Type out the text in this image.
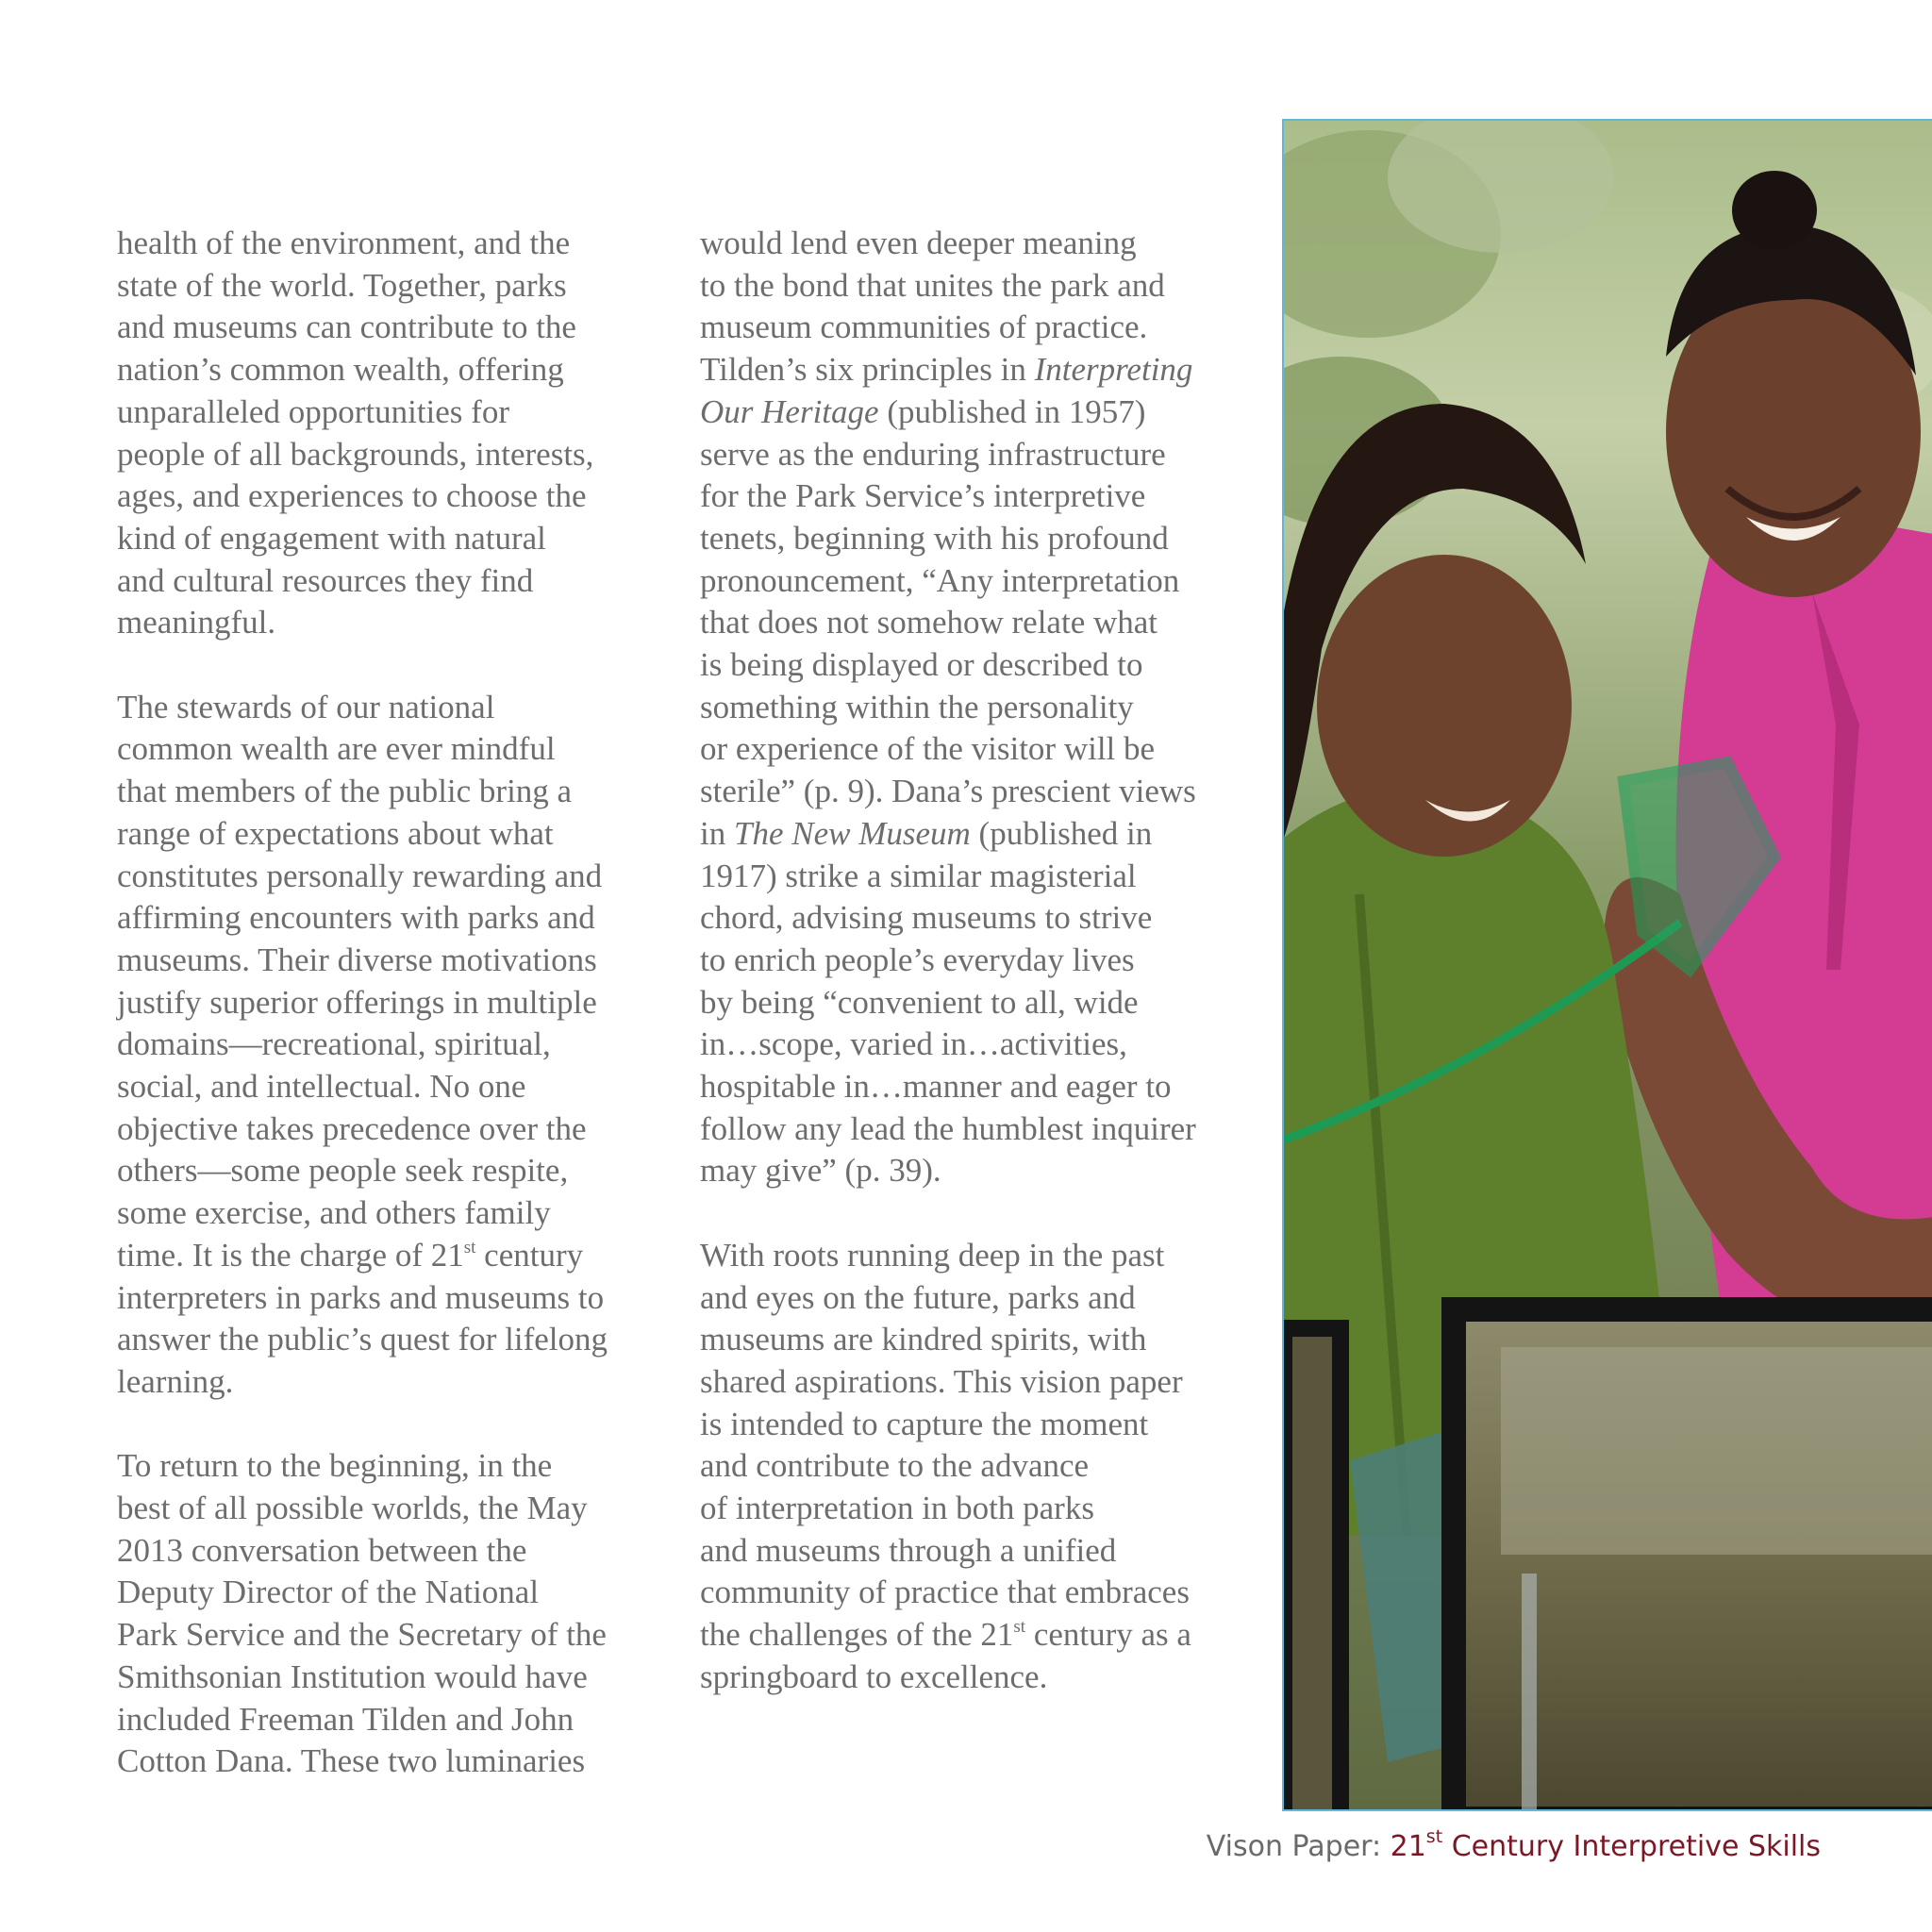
health of the environment, and the
state of the world. Together, parks
and museums can contribute to the
nation’s common wealth, offering
unparalleled opportunities for
people of all backgrounds, interests,
ages, and experiences to choose the
kind of engagement with natural
and cultural resources they find
meaningful.

The stewards of our national
common wealth are ever mindful
that members of the public bring a
range of expectations about what
constitutes personally rewarding and
affirming encounters with parks and
museums. Their diverse motivations
justify superior offerings in multiple
domains—recreational, spiritual,
social, and intellectual. No one
objective takes precedence over the
others—some people seek respite,
some exercise, and others family
time. It is the charge of 21st century
interpreters in parks and museums to
answer the public’s quest for lifelong
learning.

To return to the beginning, in the
best of all possible worlds, the May
2013 conversation between the
Deputy Director of the National
Park Service and the Secretary of the
Smithsonian Institution would have
included Freeman Tilden and John
Cotton Dana. These two luminaries

would lend even deeper meaning
to the bond that unites the park and
museum communities of practice.
Tilden’s six principles in Interpreting
Our Heritage (published in 1957)
serve as the enduring infrastructure
for the Park Service’s interpretive
tenets, beginning with his profound
pronouncement, “Any interpretation
that does not somehow relate what
is being displayed or described to
something within the personality
or experience of the visitor will be
sterile” (p. 9). Dana’s prescient views
in The New Museum (published in
1917) strike a similar magisterial
chord, advising museums to strive
to enrich people’s everyday lives
by being “convenient to all, wide
in…scope, varied in…activities,
hospitable in…manner and eager to
follow any lead the humblest inquirer
may give” (p. 39).

With roots running deep in the past
and eyes on the future, parks and
museums are kindred spirits, with
shared aspirations. This vision paper
is intended to capture the moment
and contribute to the advance
of interpretation in both parks
and museums through a unified
community of practice that embraces
the challenges of the 21st century as a
springboard to excellence.

Vison Paper: 21st Century Interpretive Skills
